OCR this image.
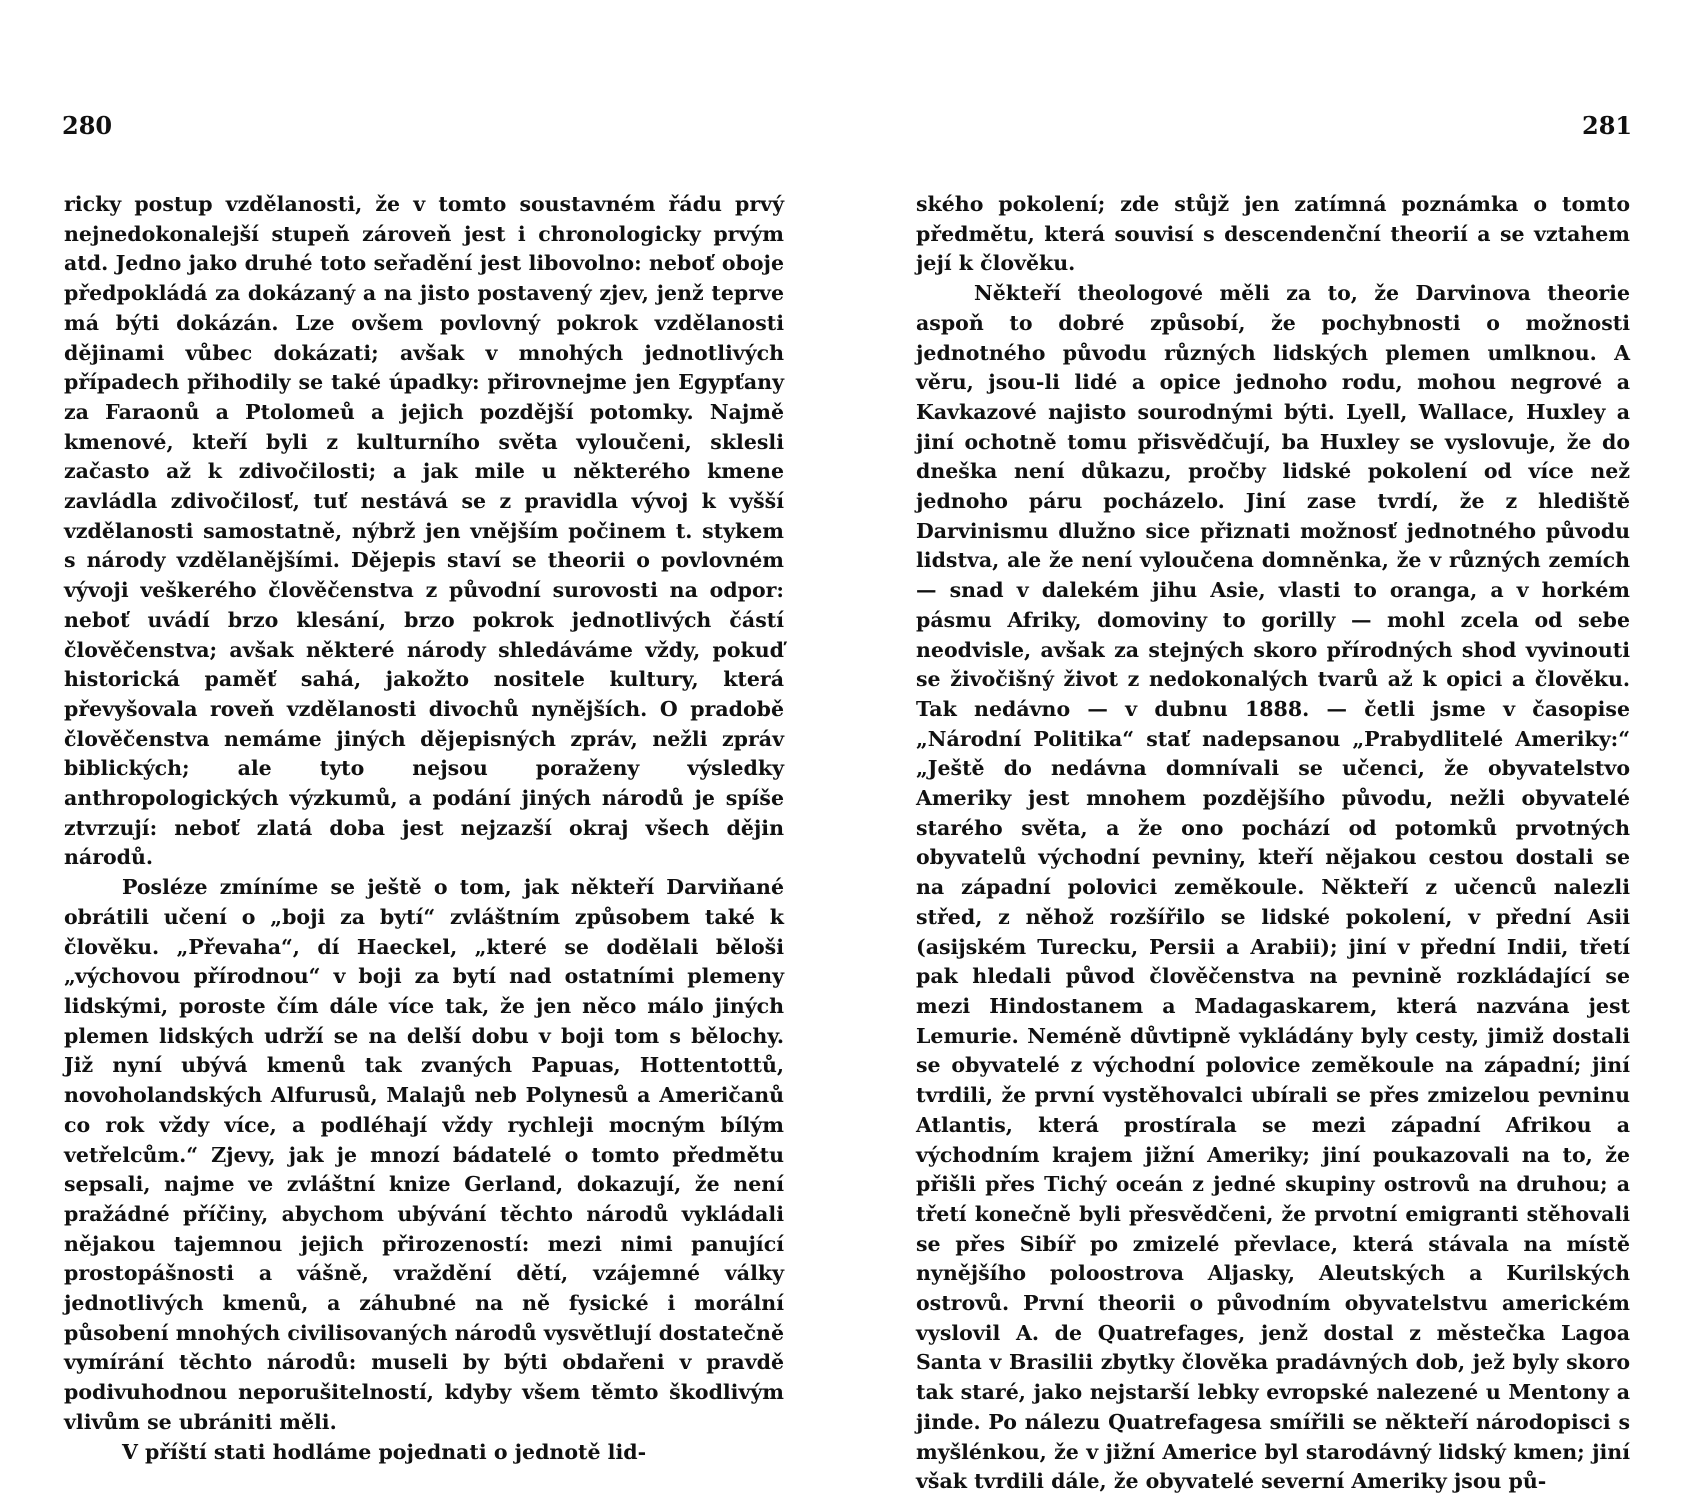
280

ricky postup vzdělanosti, že v tomto soustavném řádu prvý nejnedokonalejší stupeň zároveň jest i chronologicky prvým atd. Jedno jako druhé toto seřadění jest libovolno: neboť oboje předpokládá za dokázaný a na jisto postavený zjev, jenž teprve má býti dokázán. Lze ovšem povlovný pokrok vzdělanosti dějinami vůbec dokázati; avšak v mnohých jednotlivých případech přihodily se také úpadky: přirovnejme jen Egypťany za Faraonů a Ptolomeů a jejich pozdější potomky. Najmě kmenové, kteří byli z kulturního světa vyloučeni, sklesli začasto až k zdivočilosti; a jak mile u některého kmene zavládla zdivočilosť, tuť nestává se z pravidla vývoj k vyšší vzdělanosti samostatně, nýbrž jen vnějším počinem t. stykem s národy vzdělanějšími. Dějepis staví se theorii o povlovném vývoji veškerého člověčenstva z původní surovosti na odpor: neboť uvádí brzo klesání, brzo pokrok jednotlivých částí člověčenstva; avšak některé národy shledáváme vždy, pokuď historická paměť sahá, jakožto nositele kultury, která převyšovala roveň vzdělanosti divochů nynějších. O pradobě člověčenstva nemáme jiných dějepisných zpráv, nežli zpráv biblických; ale tyto nejsou poraženy výsledky anthropologických výzkumů, a podání jiných národů je spíše ztvrzují: neboť zlatá doba jest nejzazší okraj všech dějin národů.

Posléze zmíníme se ještě o tom, jak někteří Darviňané obrátili učení o „boji za bytí“ zvláštním způsobem také k člověku. „Převaha“, dí Haeckel, „které se dodělali běloši „výchovou přírodnou“ v boji za bytí nad ostatními plemeny lidskými, poroste čím dále více tak, že jen něco málo jiných plemen lidských udrží se na delší dobu v boji tom s bělochy. Již nyní ubývá kmenů tak zvaných Papuas, Hottentottů, novoholandských Alfurusů, Malajů neb Polynesů a Američanů co rok vždy více, a podléhají vždy rychleji mocným bílým vetřelcům.“ Zjevy, jak je mnozí bádatelé o tomto předmětu sepsali, najme ve zvláštní knize Gerland, dokazují, že není pražádné příčiny, abychom ubývání těchto národů vykládali nějakou tajemnou jejich přirozeností: mezi nimi panující prostopášnosti a vášně, vraždění dětí, vzájemné války jednotlivých kmenů, a záhubné na ně fysické i morální působení mnohých civilisovaných národů vysvětlují dostatečně vymírání těchto národů: museli by býti obdařeni v pravdě podivuhodnou neporušitelností, kdyby všem těmto škodlivým vlivům se ubrániti měli.

V příští stati hodláme pojednati o jednotě lid-

281

ského pokolení; zde stůjž jen zatímná poznámka o tomto předmětu, která souvisí s descendenční theorií a se vztahem její k člověku.

Někteří theologové měli za to, že Darvinova theorie aspoň to dobré způsobí, že pochybnosti o možnosti jednotného původu různých lidských plemen umlknou. A věru, jsou-li lidé a opice jednoho rodu, mohou negrové a Kavkazové najisto sourodnými býti. Lyell, Wallace, Huxley a jiní ochotně tomu přisvědčují, ba Huxley se vyslovuje, že do dneška není důkazu, pročby lidské pokolení od více než jednoho páru pocházelo. Jiní zase tvrdí, že z hlediště Darvinismu dlužno sice přiznati možnosť jednotného původu lidstva, ale že není vyloučena domněnka, že v různých zemích — snad v dalekém jihu Asie, vlasti to oranga, a v horkém pásmu Afriky, domoviny to gorilly — mohl zcela od sebe neodvisle, avšak za stejných skoro přírodných shod vyvinouti se živočišný život z nedokonalých tvarů až k opici a člověku. Tak nedávno — v dubnu 1888. — četli jsme v časopise „Národní Politika“ stať nadepsanou „Prabydlitelé Ameriky:“ „Ještě do nedávna domnívali se učenci, že obyvatelstvo Ameriky jest mnohem pozdějšího původu, nežli obyvatelé starého světa, a že ono pochází od potomků prvotných obyvatelů východní pevniny, kteří nějakou cestou dostali se na západní polovici zeměkoule. Někteří z učenců nalezli střed, z něhož rozšířilo se lidské pokolení, v přední Asii (asijském Turecku, Persii a Arabii); jiní v přední Indii, třetí pak hledali původ člověčenstva na pevnině rozkládající se mezi Hindostanem a Madagaskarem, která nazvána jest Lemurie. Neméně důvtipně vykládány byly cesty, jimiž dostali se obyvatelé z východní polovice zeměkoule na západní; jiní tvrdili, že první vystěhovalci ubírali se přes zmizelou pevninu Atlantis, která prostírala se mezi západní Afrikou a východním krajem jižní Ameriky; jiní poukazovali na to, že přišli přes Tichý oceán z jedné skupiny ostrovů na druhou; a třetí konečně byli přesvědčeni, že prvotní emigranti stěhovali se přes Sibíř po zmizelé převlace, která stávala na místě nynějšího poloostrova Aljasky, Aleutských a Kurilských ostrovů. První theorii o původním obyvatelstvu americkém vyslovil A. de Quatrefages, jenž dostal z městečka Lagoa Santa v Brasilii zbytky člověka pradávných dob, jež byly skoro tak staré, jako nejstarší lebky evropské nalezené u Mentony a jinde. Po nálezu Quatrefagesa smířili se někteří národopisci s myšlénkou, že v jižní Americe byl starodávný lidský kmen; jiní však tvrdili dále, že obyvatelé severní Ameriky jsou pů-
